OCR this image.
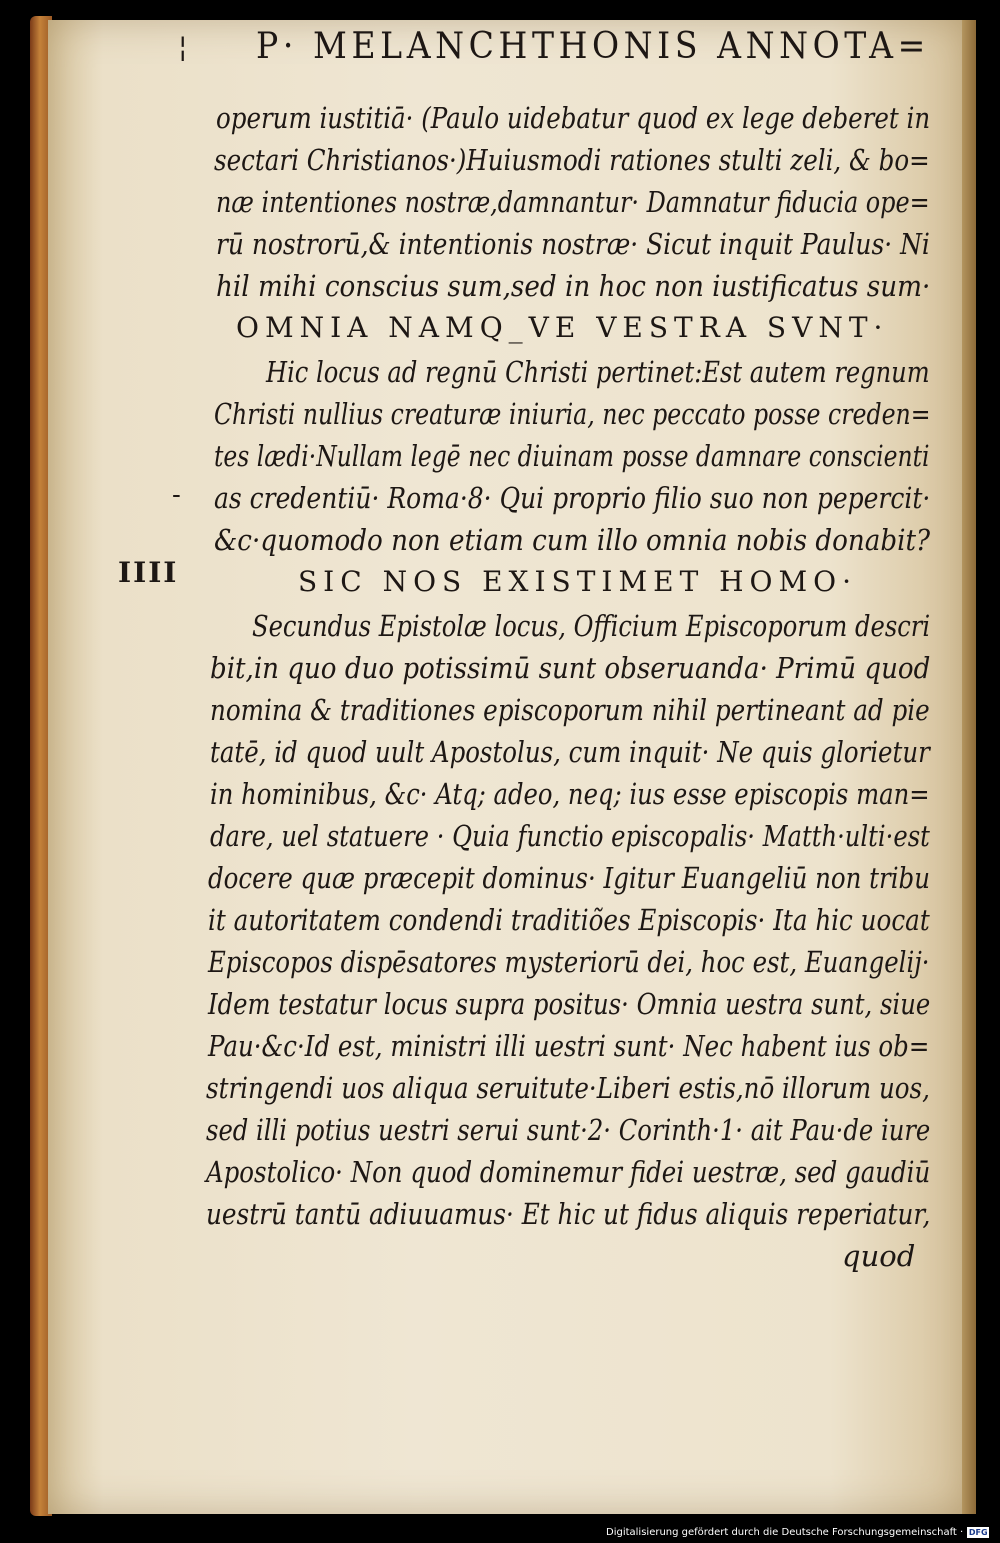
¦ P· MELANCHTHONIS ANNOTA=
-
IIII
operum iustitiā· (Paulo uidebatur quod ex lege deberet in
sectari Christianos·)Huiusmodi rationes stulti zeli, & bo=
næ intentiones nostræ,damnantur· Damnatur fiducia ope=
rū nostrorū,& intentionis nostræ· Sicut inquit Paulus· Ni
hil mihi conscius sum,sed in hoc non iustificatus sum·
OMNIA NAMQ_VE VESTRA SVNT·
Hic locus ad regnū Christi pertinet:Est autem regnum
Christi nullius creaturæ iniuria, nec peccato posse creden=
tes lædi·Nullam legē nec diuinam posse damnare conscienti
as credentiū· Roma·8· Qui proprio filio suo non pepercit·
&c·quomodo non etiam cum illo omnia nobis donabit?
SIC NOS EXISTIMET HOMO·
Secundus Epistolæ locus, Officium Episcoporum descri
bit,in quo duo potissimū sunt obseruanda· Primū quod
nomina & traditiones episcoporum nihil pertineant ad pie
tatē, id quod uult Apostolus, cum inquit· Ne quis glorietur
in hominibus, &c· Atq; adeo, neq; ius esse episcopis man=
dare, uel statuere · Quia functio episcopalis· Matth·ulti·est
docere quæ præcepit dominus· Igitur Euangeliū non tribu
it autoritatem condendi traditiões Episcopis· Ita hic uocat
Episcopos dispēsatores mysteriorū dei, hoc est, Euangelij·
Idem testatur locus supra positus· Omnia uestra sunt, siue
Pau·&c·Id est, ministri illi uestri sunt· Nec habent ius ob=
stringendi uos aliqua seruitute·Liberi estis,nō illorum uos,
sed illi potius uestri serui sunt·2· Corinth·1· ait Pau·de iure
Apostolico· Non quod dominemur fidei uestræ, sed gaudiū
uestrū tantū adiuuamus· Et hic ut fidus aliquis reperiatur,
quod
Digitalisierung gefördert durch die Deutsche Forschungsgemeinschaft · DFG
